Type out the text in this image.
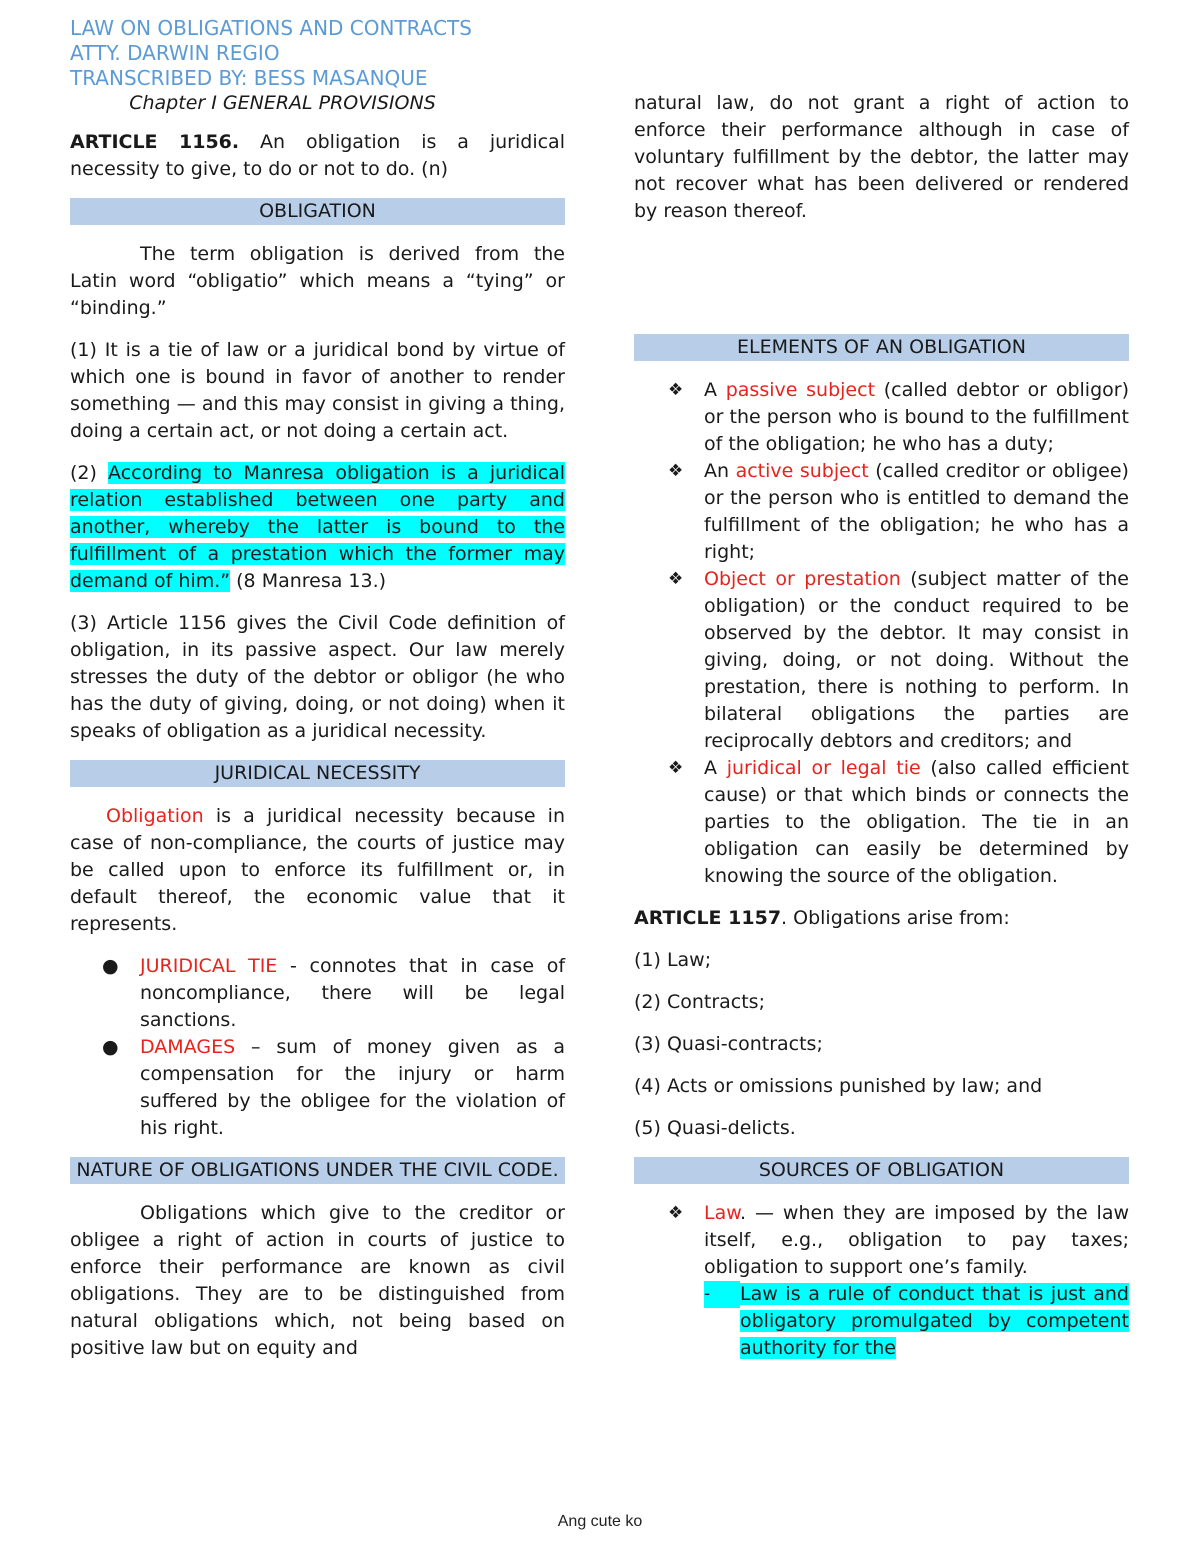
LAW ON OBLIGATIONS AND CONTRACTS
ATTY. DARWIN REGIO
TRANSCRIBED BY: BESS MASANQUE

Chapter I GENERAL PROVISIONS

ARTICLE 1156. An obligation is a juridical necessity to give, to do or not to do. (n)

OBLIGATION

The term obligation is derived from the Latin word “obligatio” which means a “tying” or “binding.”

(1) It is a tie of law or a juridical bond by virtue of which one is bound in favor of another to render something — and this may consist in giving a thing, doing a certain act, or not doing a certain act.

(2) According to Manresa obligation is a juridical relation established between one party and another, whereby the latter is bound to the fulfillment of a prestation which the former may demand of him.” (8 Manresa 13.)

(3) Article 1156 gives the Civil Code definition of obligation, in its passive aspect. Our law merely stresses the duty of the debtor or obligor (he who has the duty of giving, doing, or not doing) when it speaks of obligation as a juridical necessity.

JURIDICAL NECESSITY

Obligation is a juridical necessity because in case of non-compliance, the courts of justice may be called upon to enforce its fulfillment or, in default thereof, the economic value that it represents.

● JURIDICAL TIE - connotes that in case of noncompliance, there will be legal sanctions.
● DAMAGES – sum of money given as a compensation for the injury or harm suffered by the obligee for the violation of his right.
NATURE OF OBLIGATIONS UNDER THE CIVIL CODE.

Obligations which give to the creditor or obligee a right of action in courts of justice to enforce their performance are known as civil obligations. They are to be distinguished from natural obligations which, not being based on positive law but on equity and

natural law, do not grant a right of action to enforce their performance although in case of voluntary fulfillment by the debtor, the latter may not recover what has been delivered or rendered by reason thereof.

ELEMENTS OF AN OBLIGATION
❖ A passive subject (called debtor or obligor) or the person who is bound to the fulfillment of the obligation; he who has a duty;
❖ An active subject (called creditor or obligee) or the person who is entitled to demand the fulfillment of the obligation; he who has a right;
❖ Object or prestation (subject matter of the obligation) or the conduct required to be observed by the debtor. It may consist in giving, doing, or not doing. Without the prestation, there is nothing to perform. In bilateral obligations the parties are reciprocally debtors and creditors; and
❖ A juridical or legal tie (also called efficient cause) or that which binds or connects the parties to the obligation. The tie in an obligation can easily be determined by knowing the source of the obligation.

ARTICLE 1157. Obligations arise from:

(1) Law;

(2) Contracts;

(3) Quasi-contracts;

(4) Acts or omissions punished by law; and

(5) Quasi-delicts.

SOURCES OF OBLIGATION
❖ Law. — when they are imposed by the law itself, e.g., obligation to pay taxes; obligation to support one’s family.
-	Law is a rule of conduct that is just and obligatory promulgated by competent authority for the
Ang cute ko
